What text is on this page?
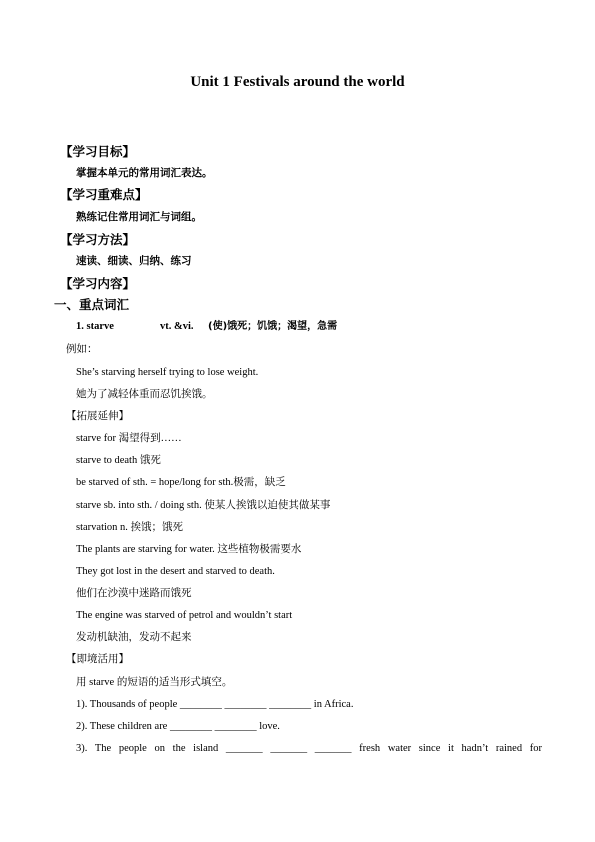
Unit 1 Festivals around the world
【学习目标】
掌握本单元的常用词汇表达。
【学习重难点】
熟练记住常用词汇与词组。
【学习方法】
速读、细读、归纳、练习
【学习内容】
一、重点词汇
1. starve	vt. &vi. (使)饿死；饥饿；渴望，急需
例如：
She’s starving herself trying to lose weight.
她为了减轻体重而忍饥挨饿。
【拓展延伸】
starve for 渴望得到……
starve to death 饿死
be starved of sth. = hope/long for sth.极需，缺乏
starve sb. into sth. / doing sth. 使某人挨饿以迫使其做某事
starvation n. 挨饿；饿死
The plants are starving for water. 这些植物极需要水
They got lost in the desert and starved to death.
他们在沙漠中迷路而饿死
The engine was starved of petrol and wouldn’t start
发动机缺油，发动不起来
【即境活用】
用 starve 的短语的适当形式填空。
1). Thousands of people ________ ________ ________ in Africa.
2). These children are ________ ________ love.
3). The people on the island _______ _______ _______ fresh water since it hadn’t rained for
